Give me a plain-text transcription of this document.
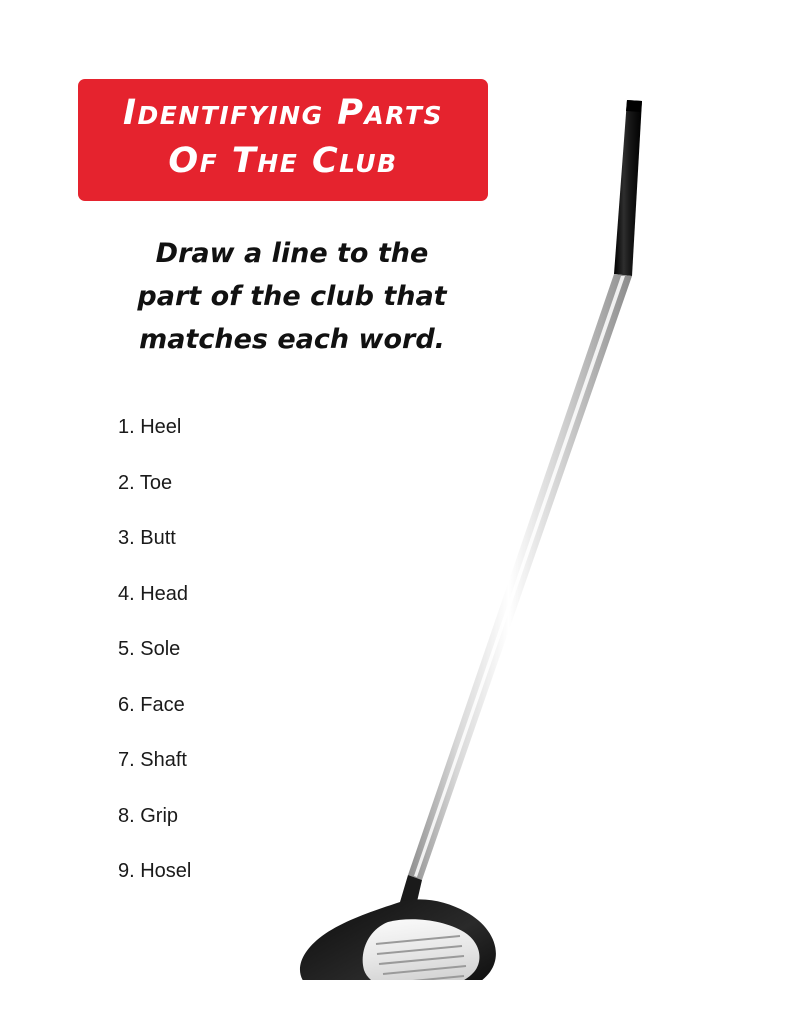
Identifying Parts
Of The Club
Draw a line to the
part of the club that
matches each word.
1. Heel
2. Toe
3. Butt
4. Head
5. Sole
6. Face
7. Shaft
8. Grip
9. Hosel
